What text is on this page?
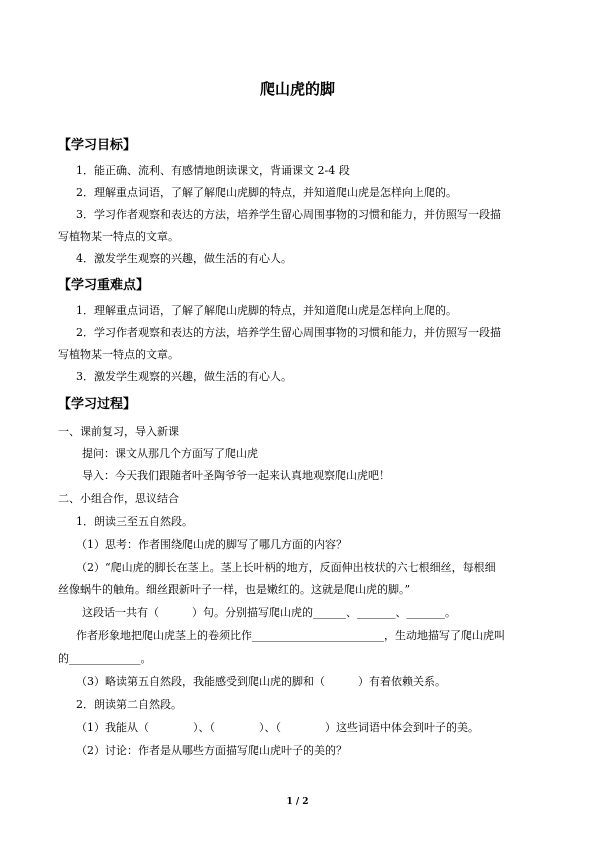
爬山虎的脚
【学习目标】
1．能正确、流利、有感情地朗读课文，背诵课文 2-4 段
2．理解重点词语，了解了解爬山虎脚的特点，并知道爬山虎是怎样向上爬的。
3．学习作者观察和表达的方法，培养学生留心周围事物的习惯和能力，并仿照写一段描
写植物某一特点的文章。
4．激发学生观察的兴趣，做生活的有心人。
【学习重难点】
1．理解重点词语，了解了解爬山虎脚的特点，并知道爬山虎是怎样向上爬的。
2．学习作者观察和表达的方法，培养学生留心周围事物的习惯和能力，并仿照写一段描
写植物某一特点的文章。
3．激发学生观察的兴趣，做生活的有心人。
【学习过程】
一、课前复习，导入新课
提问：课文从那几个方面写了爬山虎
导入：今天我们跟随者叶圣陶爷爷一起来认真地观察爬山虎吧！
二、小组合作，思议结合
1．朗读三至五自然段。
（1）思考：作者围绕爬山虎的脚写了哪几方面的内容？
（2）“爬山虎的脚长在茎上。茎上长叶柄的地方，反面伸出枝状的六七根细丝，每根细
丝像蜗牛的触角。细丝跟新叶子一样，也是嫩红的。这就是爬山虎的脚。”
这段话一共有（　　　）句。分别描写爬山虎的______、_______、_______。
作者形象地把爬山虎茎上的卷须比作________________________，生动地描写了爬山虎叫
的_____________。
（3）略读第五自然段，我能感受到爬山虎的脚和（　　　）有着依赖关系。
2．朗读第二自然段。
（1）我能从（　　　　）、（　　　　）、（　　　　）这些词语中体会到叶子的美。
（2）讨论：作者是从哪些方面描写爬山虎叶子的美的？
1 / 2
